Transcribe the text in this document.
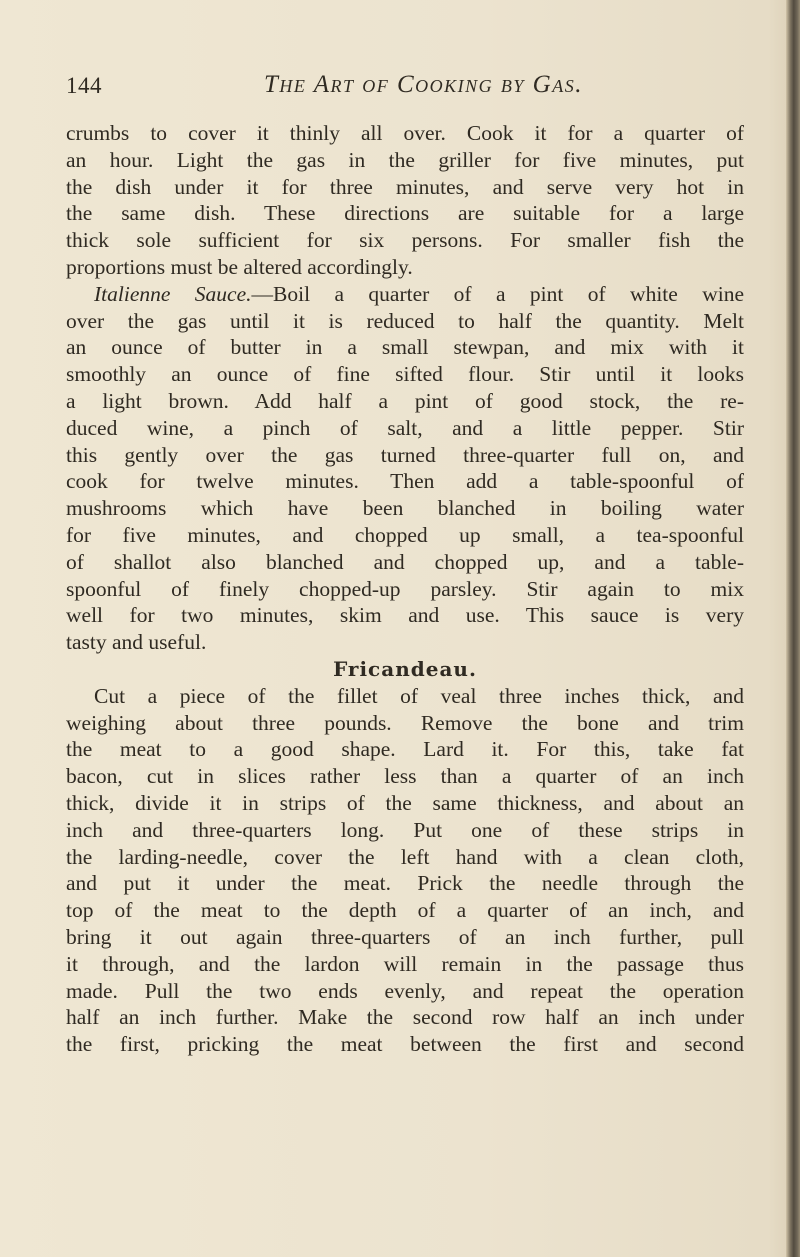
144	The Art of Cooking by Gas.
crumbs to cover it thinly all over. Cook it for a quarter of
an hour. Light the gas in the griller for five minutes, put
the dish under it for three minutes, and serve very hot in
the same dish. These directions are suitable for a large
thick sole sufficient for six persons. For smaller fish the
proportions must be altered accordingly.
Italienne Sauce.—Boil a quarter of a pint of white wine
over the gas until it is reduced to half the quantity. Melt
an ounce of butter in a small stewpan, and mix with it
smoothly an ounce of fine sifted flour. Stir until it looks
a light brown. Add half a pint of good stock, the re-
duced wine, a pinch of salt, and a little pepper. Stir
this gently over the gas turned three-quarter full on, and
cook for twelve minutes. Then add a table-spoonful of
mushrooms which have been blanched in boiling water
for five minutes, and chopped up small, a tea-spoonful
of shallot also blanched and chopped up, and a table-
spoonful of finely chopped-up parsley. Stir again to mix
well for two minutes, skim and use. This sauce is very
tasty and useful.
Fricandeau.
Cut a piece of the fillet of veal three inches thick, and
weighing about three pounds. Remove the bone and trim
the meat to a good shape. Lard it. For this, take fat
bacon, cut in slices rather less than a quarter of an inch
thick, divide it in strips of the same thickness, and about an
inch and three-quarters long. Put one of these strips in
the larding-needle, cover the left hand with a clean cloth,
and put it under the meat. Prick the needle through the
top of the meat to the depth of a quarter of an inch, and
bring it out again three-quarters of an inch further, pull
it through, and the lardon will remain in the passage thus
made. Pull the two ends evenly, and repeat the operation
half an inch further. Make the second row half an inch under
the first, pricking the meat between the first and second
